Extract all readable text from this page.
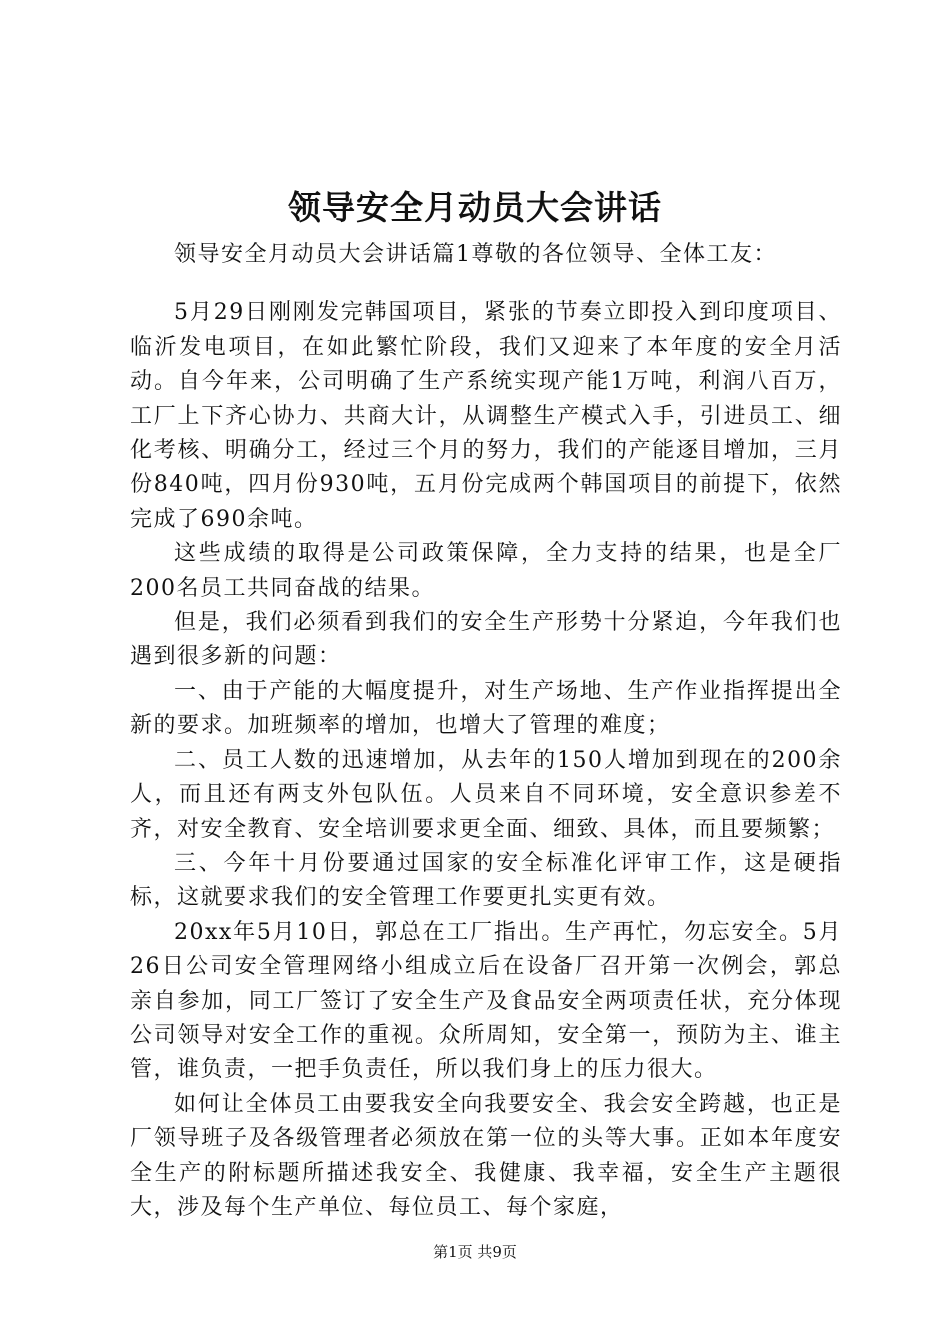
领导安全月动员大会讲话

领导安全月动员大会讲话篇1尊敬的各位领导、全体工友：

5月29日刚刚发完韩国项目，紧张的节奏立即投入到印度项目、临沂发电项目，在如此繁忙阶段，我们又迎来了本年度的安全月活动。自今年来，公司明确了生产系统实现产能1万吨，利润八百万，工厂上下齐心协力、共商大计，从调整生产模式入手，引进员工、细化考核、明确分工，经过三个月的努力，我们的产能逐目增加，三月份840吨，四月份930吨，五月份完成两个韩国项目的前提下，依然完成了690余吨。

这些成绩的取得是公司政策保障，全力支持的结果，也是全厂200名员工共同奋战的结果。

但是，我们必须看到我们的安全生产形势十分紧迫，今年我们也遇到很多新的问题：

一、由于产能的大幅度提升，对生产场地、生产作业指挥提出全新的要求。加班频率的增加，也增大了管理的难度；

二、员工人数的迅速增加，从去年的150人增加到现在的200余人，而且还有两支外包队伍。人员来自不同环境，安全意识参差不齐，对安全教育、安全培训要求更全面、细致、具体，而且要频繁；

三、今年十月份要通过国家的安全标准化评审工作，这是硬指标，这就要求我们的安全管理工作要更扎实更有效。

20xx年5月10日，郭总在工厂指出。生产再忙，勿忘安全。5月26日公司安全管理网络小组成立后在设备厂召开第一次例会，郭总亲自参加，同工厂签订了安全生产及食品安全两项责任状，充分体现公司领导对安全工作的重视。众所周知，安全第一，预防为主、谁主管，谁负责，一把手负责任，所以我们身上的压力很大。

如何让全体员工由要我安全向我要安全、我会安全跨越，也正是厂领导班子及各级管理者必须放在第一位的头等大事。正如本年度安全生产的附标题所描述我安全、我健康、我幸福，安全生产主题很大，涉及每个生产单位、每位员工、每个家庭，

第1页 共9页
